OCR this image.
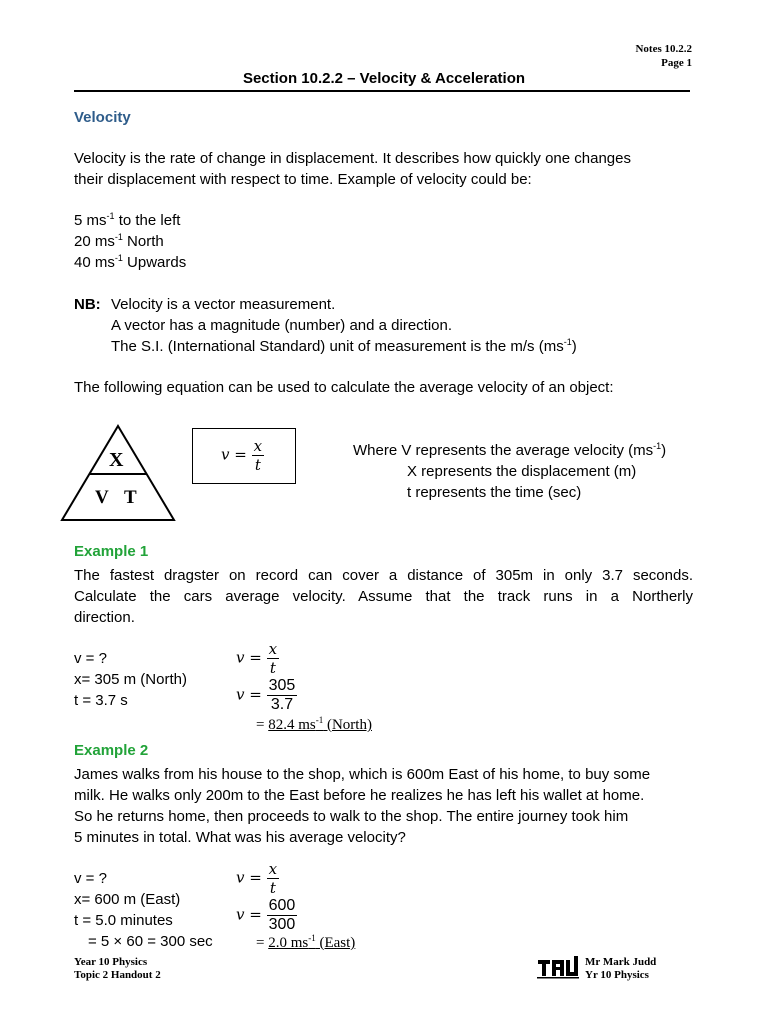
Notes 10.2.2
Page 1
Section 10.2.2 – Velocity & Acceleration
Velocity
Velocity is the rate of change in displacement. It describes how quickly one changes
their displacement with respect to time. Example of velocity could be:
5 $ms^{-1}$ to the left
20 $ms^{-1}$ North
40 $ms^{-1}$ Upwards
NB: Velocity is a vector measurement.
A vector has a magnitude (number) and a direction.
The S.I. (International Standard) unit of measurement is the m/s $(ms^{-1})$
The following equation can be used to calculate the average velocity of an object:
X
V T
$v = \frac{x}{t}$	Where V represents the average velocity $(ms^{-1})$
X represents the displacement (m)
t represents the time (sec)
Example 1
The fastest dragster on record can cover a distance of 305m in only 3.7 seconds.
Calculate the cars average velocity. Assume that the track runs in a Northerly
direction.
v = ?
x= 305 m (North)
t = 3.7 s
$v = \frac{x}{t}$
$v = \frac{305}{3.7}$
= 82.4 $ms^{-1}$ (North)
Example 2
James walks from his house to the shop, which is 600m East of his home, to buy some
milk. He walks only 200m to the East before he realizes he has left his wallet at home.
So he returns home, then proceeds to walk to the shop. The entire journey took him
5 minutes in total. What was his average velocity?
v = ?
x= 600 m (East)
t = 5.0 minutes
= 5 × 60 = 300 sec
$v = \frac{x}{t}$
$v = \frac{600}{300}$
= 2.0 $ms^{-1}$ (East)
Year 10 Physics
Topic 2 Handout 2
Mr Mark Judd
Yr 10 Physics
